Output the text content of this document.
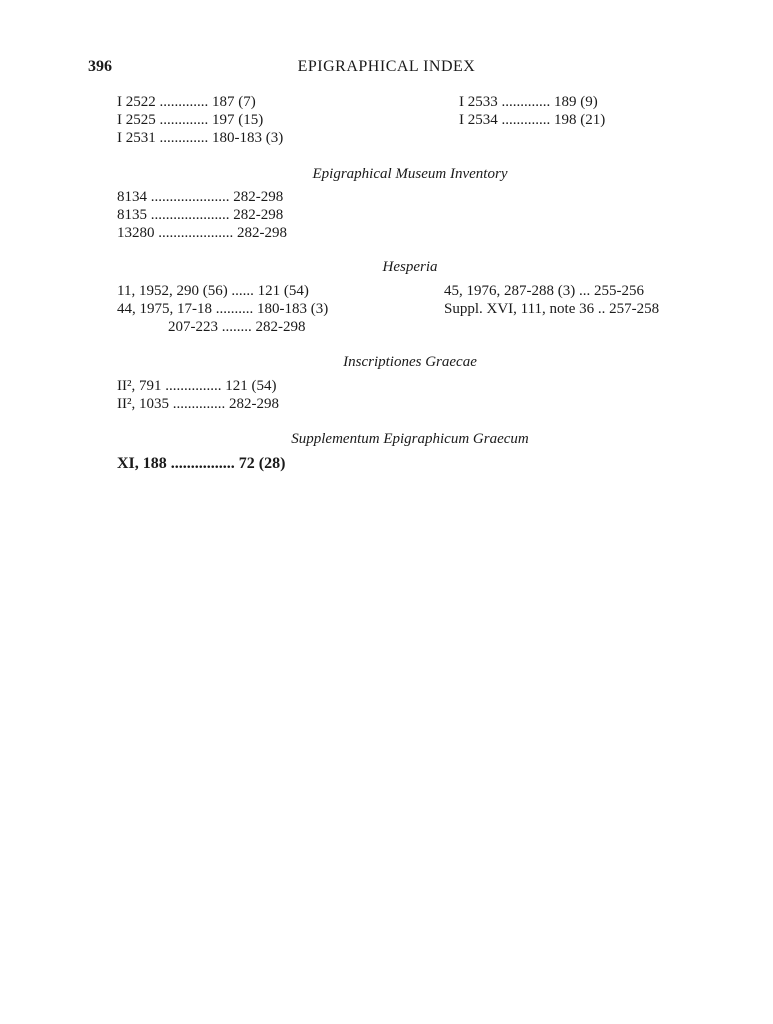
396	EPIGRAPHICAL INDEX
I 2522 ............. 187 (7)
I 2525 ............. 197 (15)
I 2531 ............. 180-183 (3)
I 2533 ............. 189 (9)
I 2534 ............. 198 (21)
Epigraphical Museum Inventory
8134 ..................... 282-298
8135 ..................... 282-298
13280 .................... 282-298
Hesperia
11, 1952, 290 (56) ...... 121 (54)
44, 1975, 17-18 .......... 180-183 (3)
207-223 ........ 282-298
45, 1976, 287-288 (3) ... 255-256
Suppl. XVI, 111, note 36 .. 257-258
Inscriptiones Graecae
II², 791 ............... 121 (54)
II², 1035 .............. 282-298
Supplementum Epigraphicum Graecum
XI, 188 ................ 72 (28)
